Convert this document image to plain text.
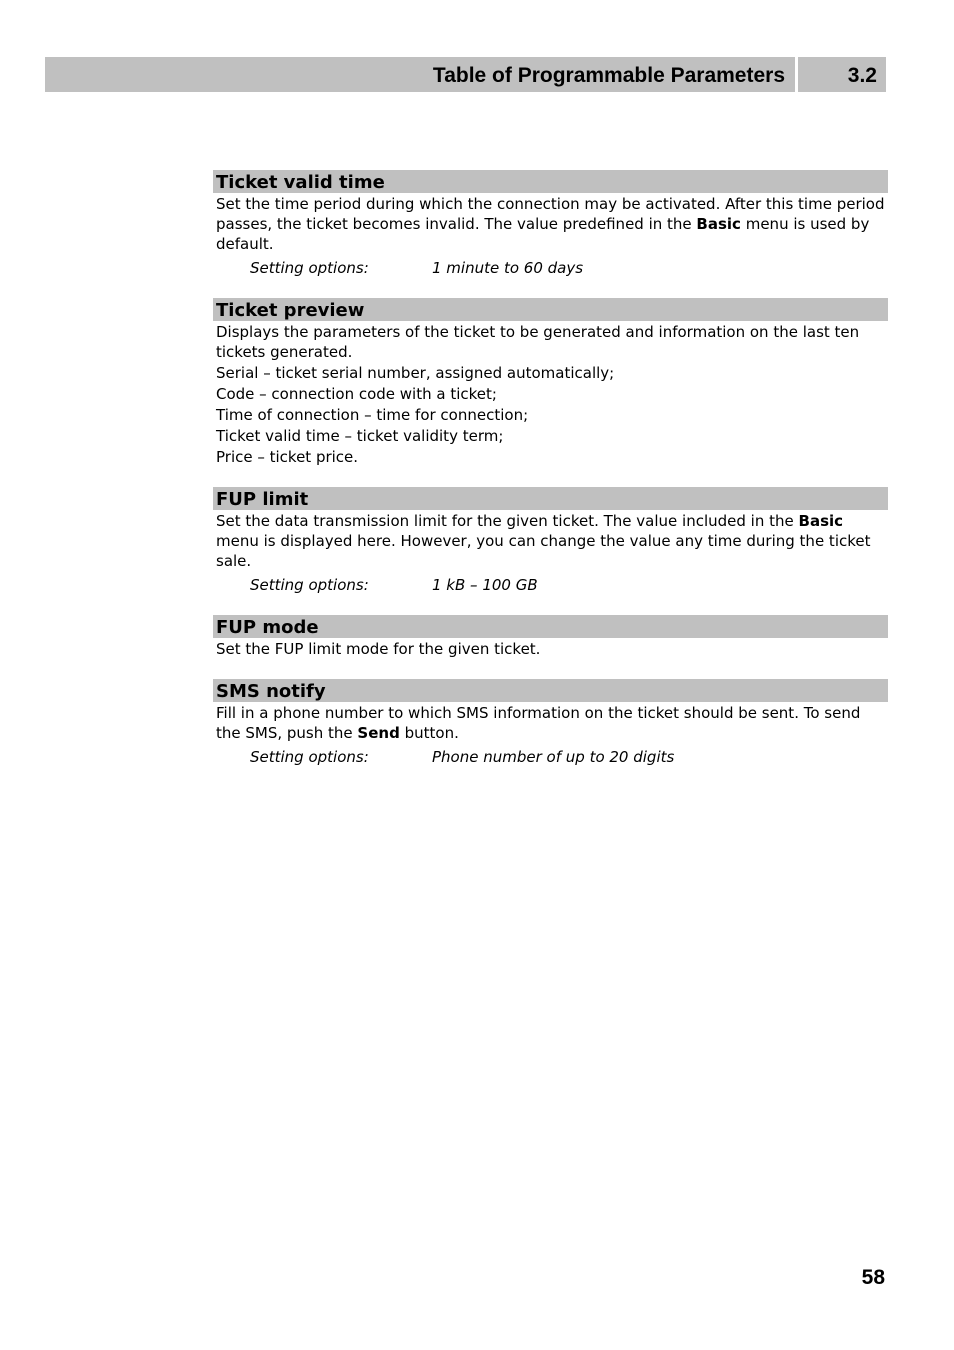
Table of Programmable Parameters	3.2
Ticket valid time

Set the time period during which the connection may be activated. After this time period passes, the ticket becomes invalid. The value predefined in the Basic menu is used by default.

Setting options:	1 minute to 60 days
Ticket preview

Displays the parameters of the ticket to be generated and information on the last ten tickets generated.

Serial – ticket serial number, assigned automatically;

Code – connection code with a ticket;

Time of connection – time for connection;

Ticket valid time – ticket validity term;

Price – ticket price.

FUP limit

Set the data transmission limit for the given ticket. The value included in the Basic menu is displayed here. However, you can change the value any time during the ticket sale.

Setting options:	1 kB – 100 GB
FUP mode

Set the FUP limit mode for the given ticket.

SMS notify

Fill in a phone number to which SMS information on the ticket should be sent. To send the SMS, push the Send button.

Setting options:	Phone number of up to 20 digits
58
